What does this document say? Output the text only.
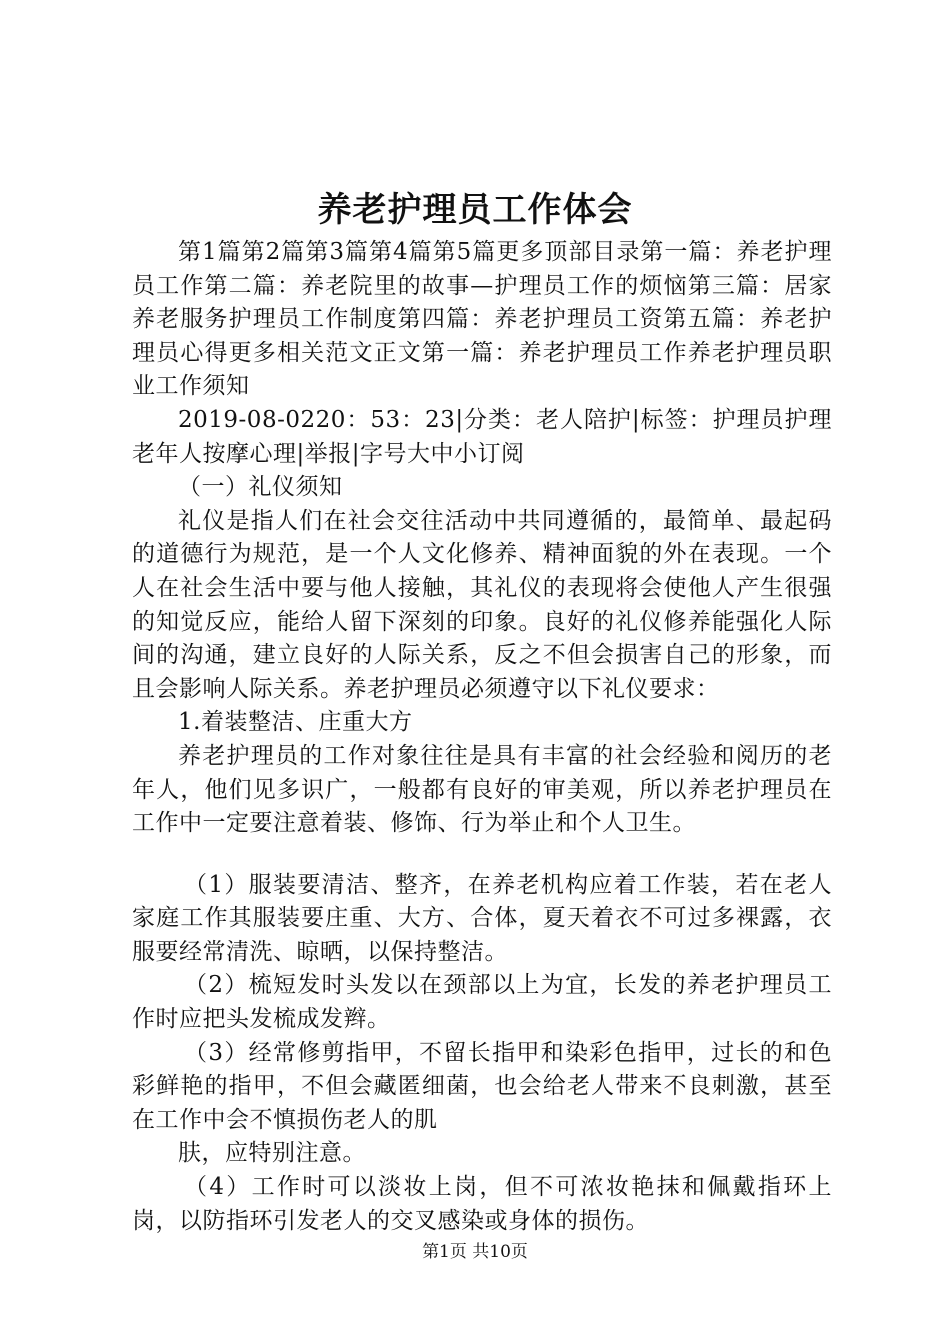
养老护理员工作体会

第1篇第2篇第3篇第4篇第5篇更多顶部目录第一篇：养老护理员工作第二篇：养老院里的故事—护理员工作的烦恼第三篇：居家养老服务护理员工作制度第四篇：养老护理员工资第五篇：养老护理员心得更多相关范文正文第一篇：养老护理员工作养老护理员职业工作须知

2019-08-0220：53：23|分类：老人陪护|标签：护理员护理老年人按摩心理|举报|字号大中小订阅

（一）礼仪须知

礼仪是指人们在社会交往活动中共同遵循的，最简单、最起码的道德行为规范，是一个人文化修养、精神面貌的外在表现。一个人在社会生活中要与他人接触，其礼仪的表现将会使他人产生很强的知觉反应，能给人留下深刻的印象。良好的礼仪修养能强化人际间的沟通，建立良好的人际关系，反之不但会损害自己的形象，而且会影响人际关系。养老护理员必须遵守以下礼仪要求：

1.着装整洁、庄重大方

养老护理员的工作对象往往是具有丰富的社会经验和阅历的老年人，他们见多识广，一般都有良好的审美观，所以养老护理员在工作中一定要注意着装、修饰、行为举止和个人卫生。

（1）服装要清洁、整齐，在养老机构应着工作装，若在老人家庭工作其服装要庄重、大方、合体，夏天着衣不可过多裸露，衣服要经常清洗、晾晒，以保持整洁。

（2）梳短发时头发以在颈部以上为宜，长发的养老护理员工作时应把头发梳成发辫。

（3）经常修剪指甲，不留长指甲和染彩色指甲，过长的和色彩鲜艳的指甲，不但会藏匿细菌，也会给老人带来不良刺激，甚至在工作中会不慎损伤老人的肌

肤，应特别注意。

（4）工作时可以淡妆上岗，但不可浓妆艳抹和佩戴指环上岗，以防指环引发老人的交叉感染或身体的损伤。

第1页 共10页
